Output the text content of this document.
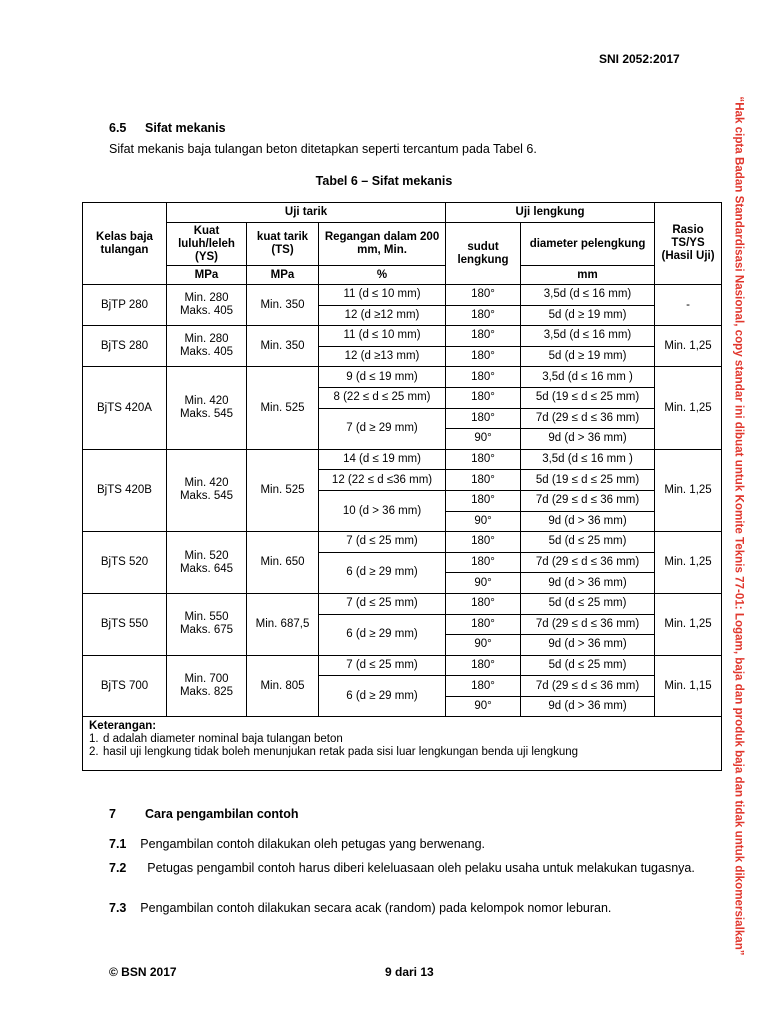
SNI 2052:2017
6.5 Sifat mekanis
Sifat mekanis baja tulangan beton ditetapkan seperti tercantum pada Tabel 6.
Tabel 6 – Sifat mekanis
Kelas baja tulangan	Uji tarik			Uji lengkung		Rasio TS/YS (Hasil Uji)
	Kuat luluh/leleh (YS)	kuat tarik (TS)	Regangan dalam 200 mm, Min.	sudut lengkung	diameter pelengkung	
	MPa	MPa	%		mm	
BjTP 280	Min. 280 Maks. 405	Min. 350	11 (d ≤ 10 mm)	180°	3,5d (d ≤ 16 mm)	-
			12 (d ≥12 mm)	180°	5d (d ≥ 19 mm)	
BjTS 280	Min. 280 Maks. 405	Min. 350	11 (d ≤ 10 mm)	180°	3,5d (d ≤ 16 mm)	Min. 1,25
			12 (d ≥13 mm)	180°	5d (d ≥ 19 mm)	
BjTS 420A	Min. 420 Maks. 545	Min. 525	9 (d ≤ 19 mm)	180°	3,5d (d ≤ 16 mm )	Min. 1,25
			8 (22 ≤ d ≤ 25 mm)	180°	5d (19 ≤ d ≤ 25 mm)	
			7 (d ≥ 29 mm)	180°	7d (29 ≤ d ≤ 36 mm)	
				90°	9d (d > 36 mm)	
BjTS 420B	Min. 420 Maks. 545	Min. 525	14 (d ≤ 19 mm)	180°	3,5d (d ≤ 16 mm )	Min. 1,25
			12 (22 ≤ d ≤36 mm)	180°	5d (19 ≤ d ≤ 25 mm)	
			10 (d > 36 mm)	180°	7d (29 ≤ d ≤ 36 mm)	
				90°	9d (d > 36 mm)	
BjTS 520	Min. 520 Maks. 645	Min. 650	7 (d ≤ 25 mm)	180°	5d (d ≤ 25 mm)	Min. 1,25
			6 (d ≥ 29 mm)	180°	7d (29 ≤ d ≤ 36 mm)	
				90°	9d (d > 36 mm)	
BjTS 550	Min. 550 Maks. 675	Min. 687,5	7 (d ≤ 25 mm)	180°	5d (d ≤ 25 mm)	Min. 1,25
			6 (d ≥ 29 mm)	180°	7d (29 ≤ d ≤ 36 mm)	
				90°	9d (d > 36 mm)	
BjTS 700	Min. 700 Maks. 825	Min. 805	7 (d ≤ 25 mm)	180°	5d (d ≤ 25 mm)	Min. 1,15
			6 (d ≥ 29 mm)	180°	7d (29 ≤ d ≤ 36 mm)	
				90°	9d (d > 36 mm)	

Keterangan:
1. d adalah diameter nominal baja tulangan beton
2. hasil uji lengkung tidak boleh menunjukan retak pada sisi luar lengkungan benda uji lengkung						
7 Cara pengambilan contoh
7.1 Pengambilan contoh dilakukan oleh petugas yang berwenang.
7.2 Petugas pengambil contoh harus diberi keleluasaan oleh pelaku usaha untuk melakukan tugasnya.
7.3 Pengambilan contoh dilakukan secara acak (random) pada kelompok nomor leburan.	“Hak cipta Badan Standardisasi Nasional, copy standar ini dibuat untuk Komite Teknis 77-01: Logam, baja dan produk baja dan tidak untuk dikomersialkan”
© BSN 2017	9 dari 13
